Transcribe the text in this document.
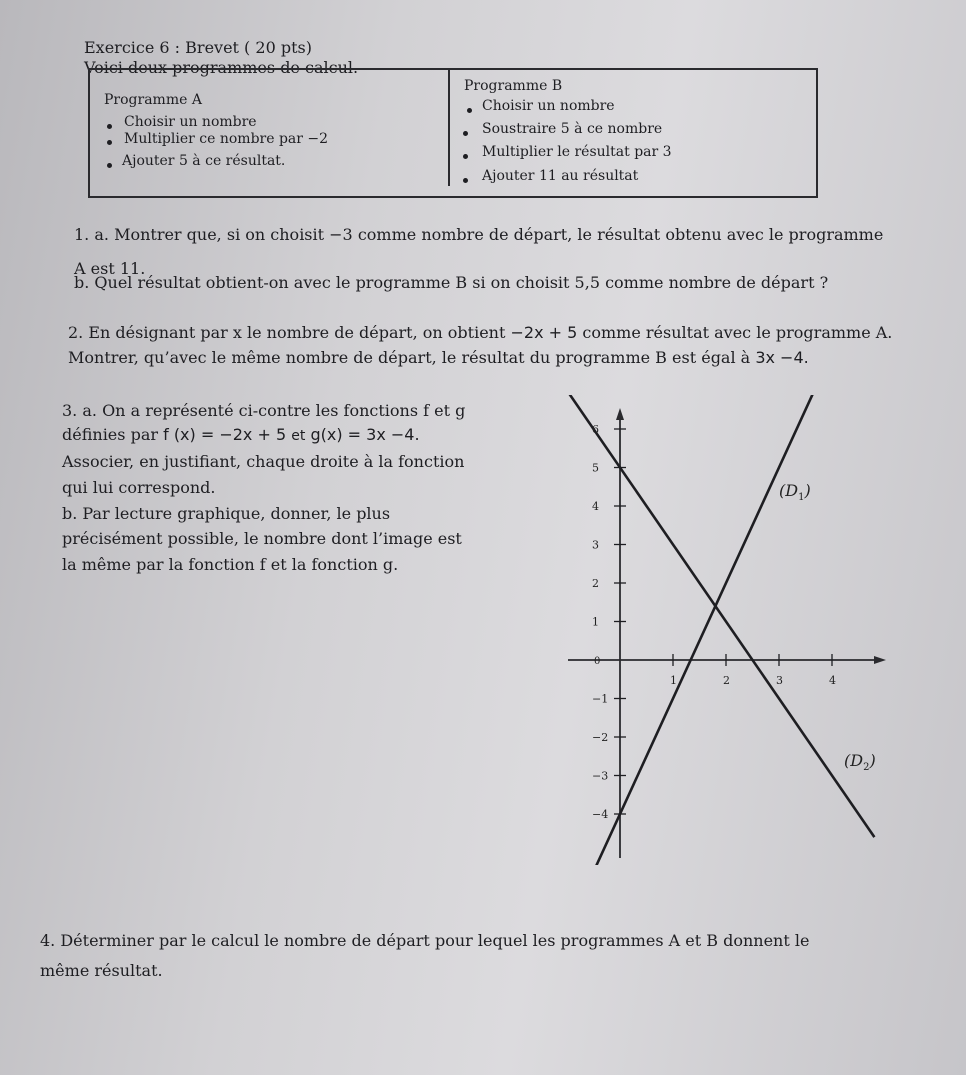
Exercice 6 : Brevet ( 20 pts)
Voici deux programmes de calcul.
Programme A
Choisir un nombre
Multiplier ce nombre par −2
Ajouter 5 à ce résultat.
Programme B
Choisir un nombre
Soustraire 5 à ce nombre
Multiplier le résultat par 3
Ajouter 11 au résultat
1. a. Montrer que, si on choisit −3 comme nombre de départ, le résultat obtenu avec le programme
A est 11.
b. Quel résultat obtient-on avec le programme B si on choisit 5,5 comme nombre de départ ?
2. En désignant par x le nombre de départ, on obtient −2x + 5 comme résultat avec le programme A.
Montrer, qu’avec le même nombre de départ, le résultat du programme B est égal à 3x −4.
3. a. On a représenté ci-contre les fonctions f et g
définies par f (x) = −2x + 5 et g(x) = 3x −4.
Associer, en justifiant, chaque droite à la fonction
qui lui correspond.
b. Par lecture graphique, donner, le plus
précisément possible, le nombre dont l’image est
la même par la fonction f et la fonction g.
1	2	3	4
6
5
4
3
2
1
−1
−2
−3
−4
0
$(D_1)$
$(D_2)$
4. Déterminer par le calcul le nombre de départ pour lequel les programmes A et B donnent le
même résultat.
